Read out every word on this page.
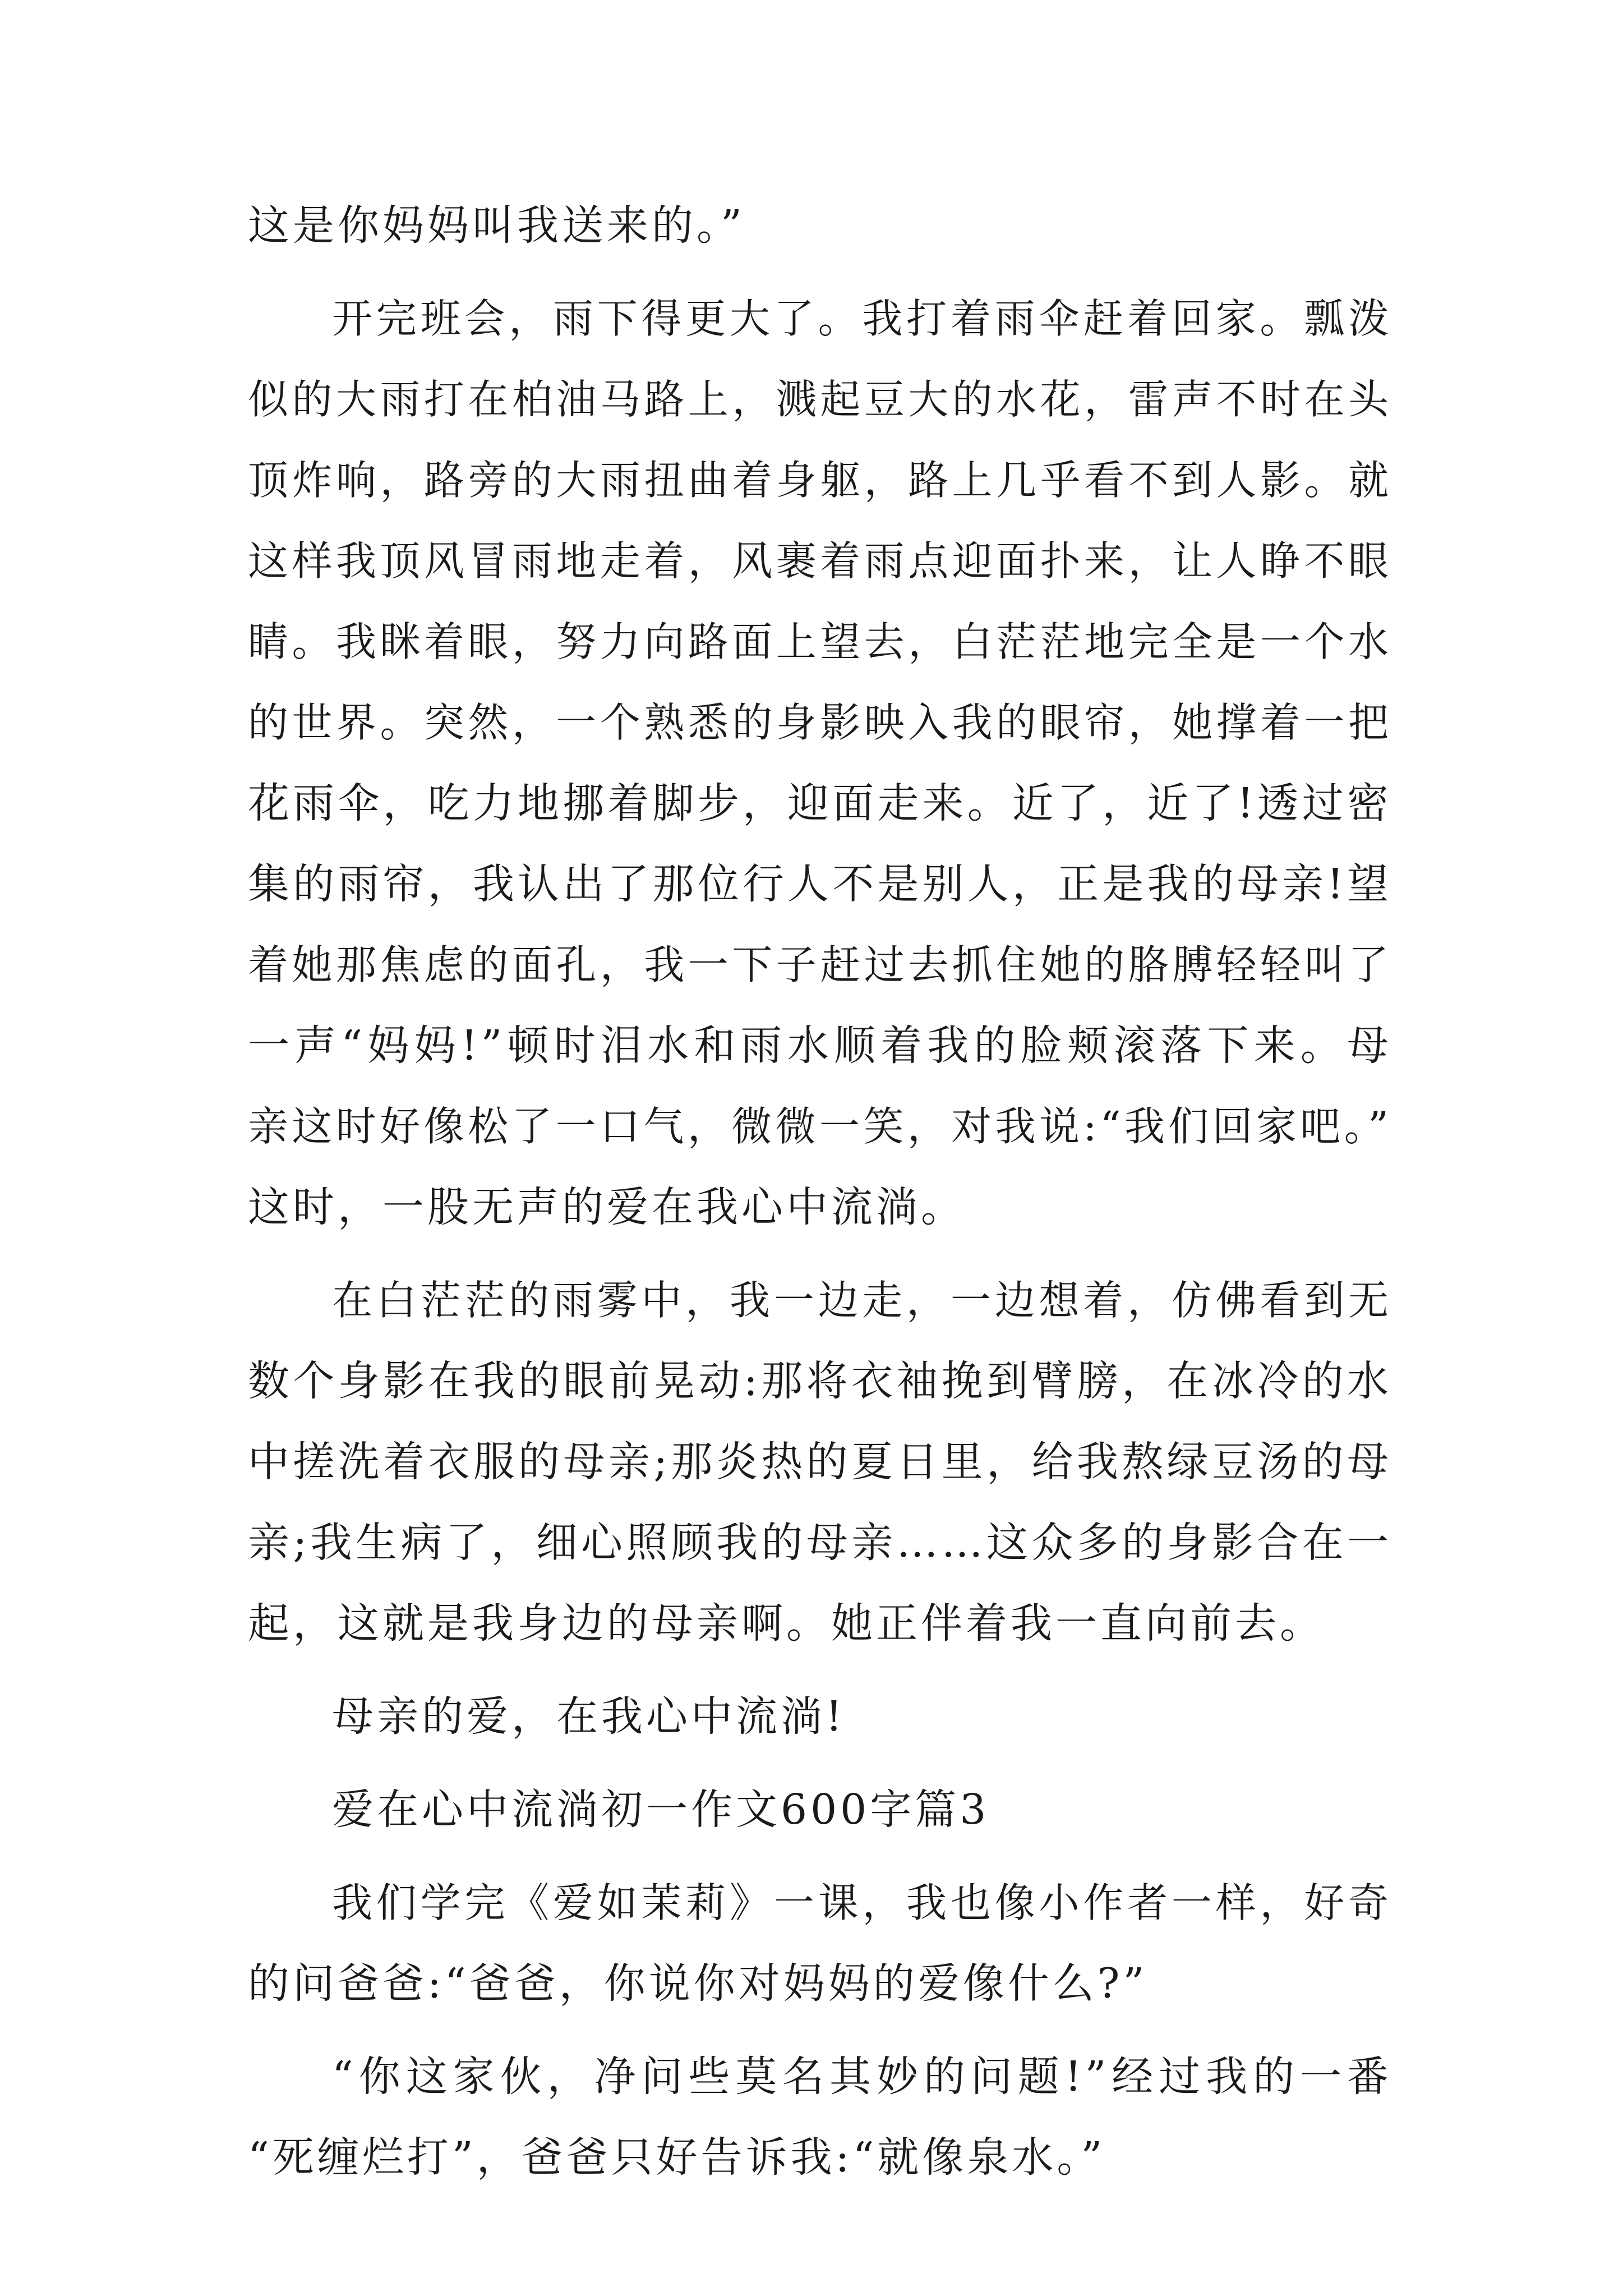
这是你妈妈叫我送来的。”
开完班会，雨下得更大了。我打着雨伞赶着回家。瓢泼
似的大雨打在柏油马路上，溅起豆大的水花，雷声不时在头
顶炸响，路旁的大雨扭曲着身躯，路上几乎看不到人影。就
这样我顶风冒雨地走着，风裹着雨点迎面扑来，让人睁不眼
睛。我眯着眼，努力向路面上望去，白茫茫地完全是一个水
的世界。突然，一个熟悉的身影映入我的眼帘，她撑着一把
花雨伞，吃力地挪着脚步，迎面走来。近了，近了!透过密
集的雨帘，我认出了那位行人不是别人，正是我的母亲!望
着她那焦虑的面孔，我一下子赶过去抓住她的胳膊轻轻叫了
一声“妈妈!”顿时泪水和雨水顺着我的脸颊滚落下来。母
亲这时好像松了一口气，微微一笑，对我说:“我们回家吧。”
这时，一股无声的爱在我心中流淌。
在白茫茫的雨雾中，我一边走，一边想着，仿佛看到无
数个身影在我的眼前晃动:那将衣袖挽到臂膀，在冰冷的水
中搓洗着衣服的母亲;那炎热的夏日里，给我熬绿豆汤的母
亲;我生病了，细心照顾我的母亲……这众多的身影合在一
起，这就是我身边的母亲啊。她正伴着我一直向前去。
母亲的爱，在我心中流淌!
爱在心中流淌初一作文600字篇3
我们学完《爱如茉莉》一课，我也像小作者一样，好奇
的问爸爸:“爸爸，你说你对妈妈的爱像什么?”
“你这家伙，净问些莫名其妙的问题!”经过我的一番
“死缠烂打”，爸爸只好告诉我:“就像泉水。”
